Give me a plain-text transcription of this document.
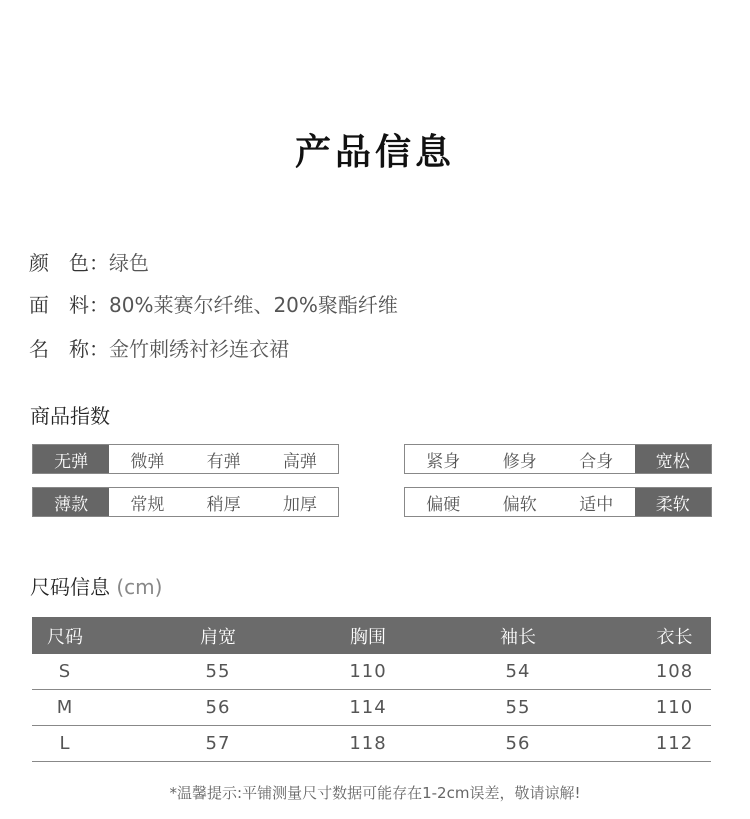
产品信息
颜　色：绿色
面　料：80%莱赛尔纤维、20%聚酯纤维
名　称：金竹刺绣衬衫连衣裙
商品指数
无弹	微弹	有弹	高弹	紧身	修身	合身	宽松
薄款	常规	稍厚	加厚	偏硬	偏软	适中	柔软
尺码信息 (cm)
尺码	肩宽	胸围	袖长	衣长
S	55	110	54	108
M	56	114	55	110
L	57	118	56	112
*温馨提示:平铺测量尺寸数据可能存在1-2cm误差，敬请谅解!
